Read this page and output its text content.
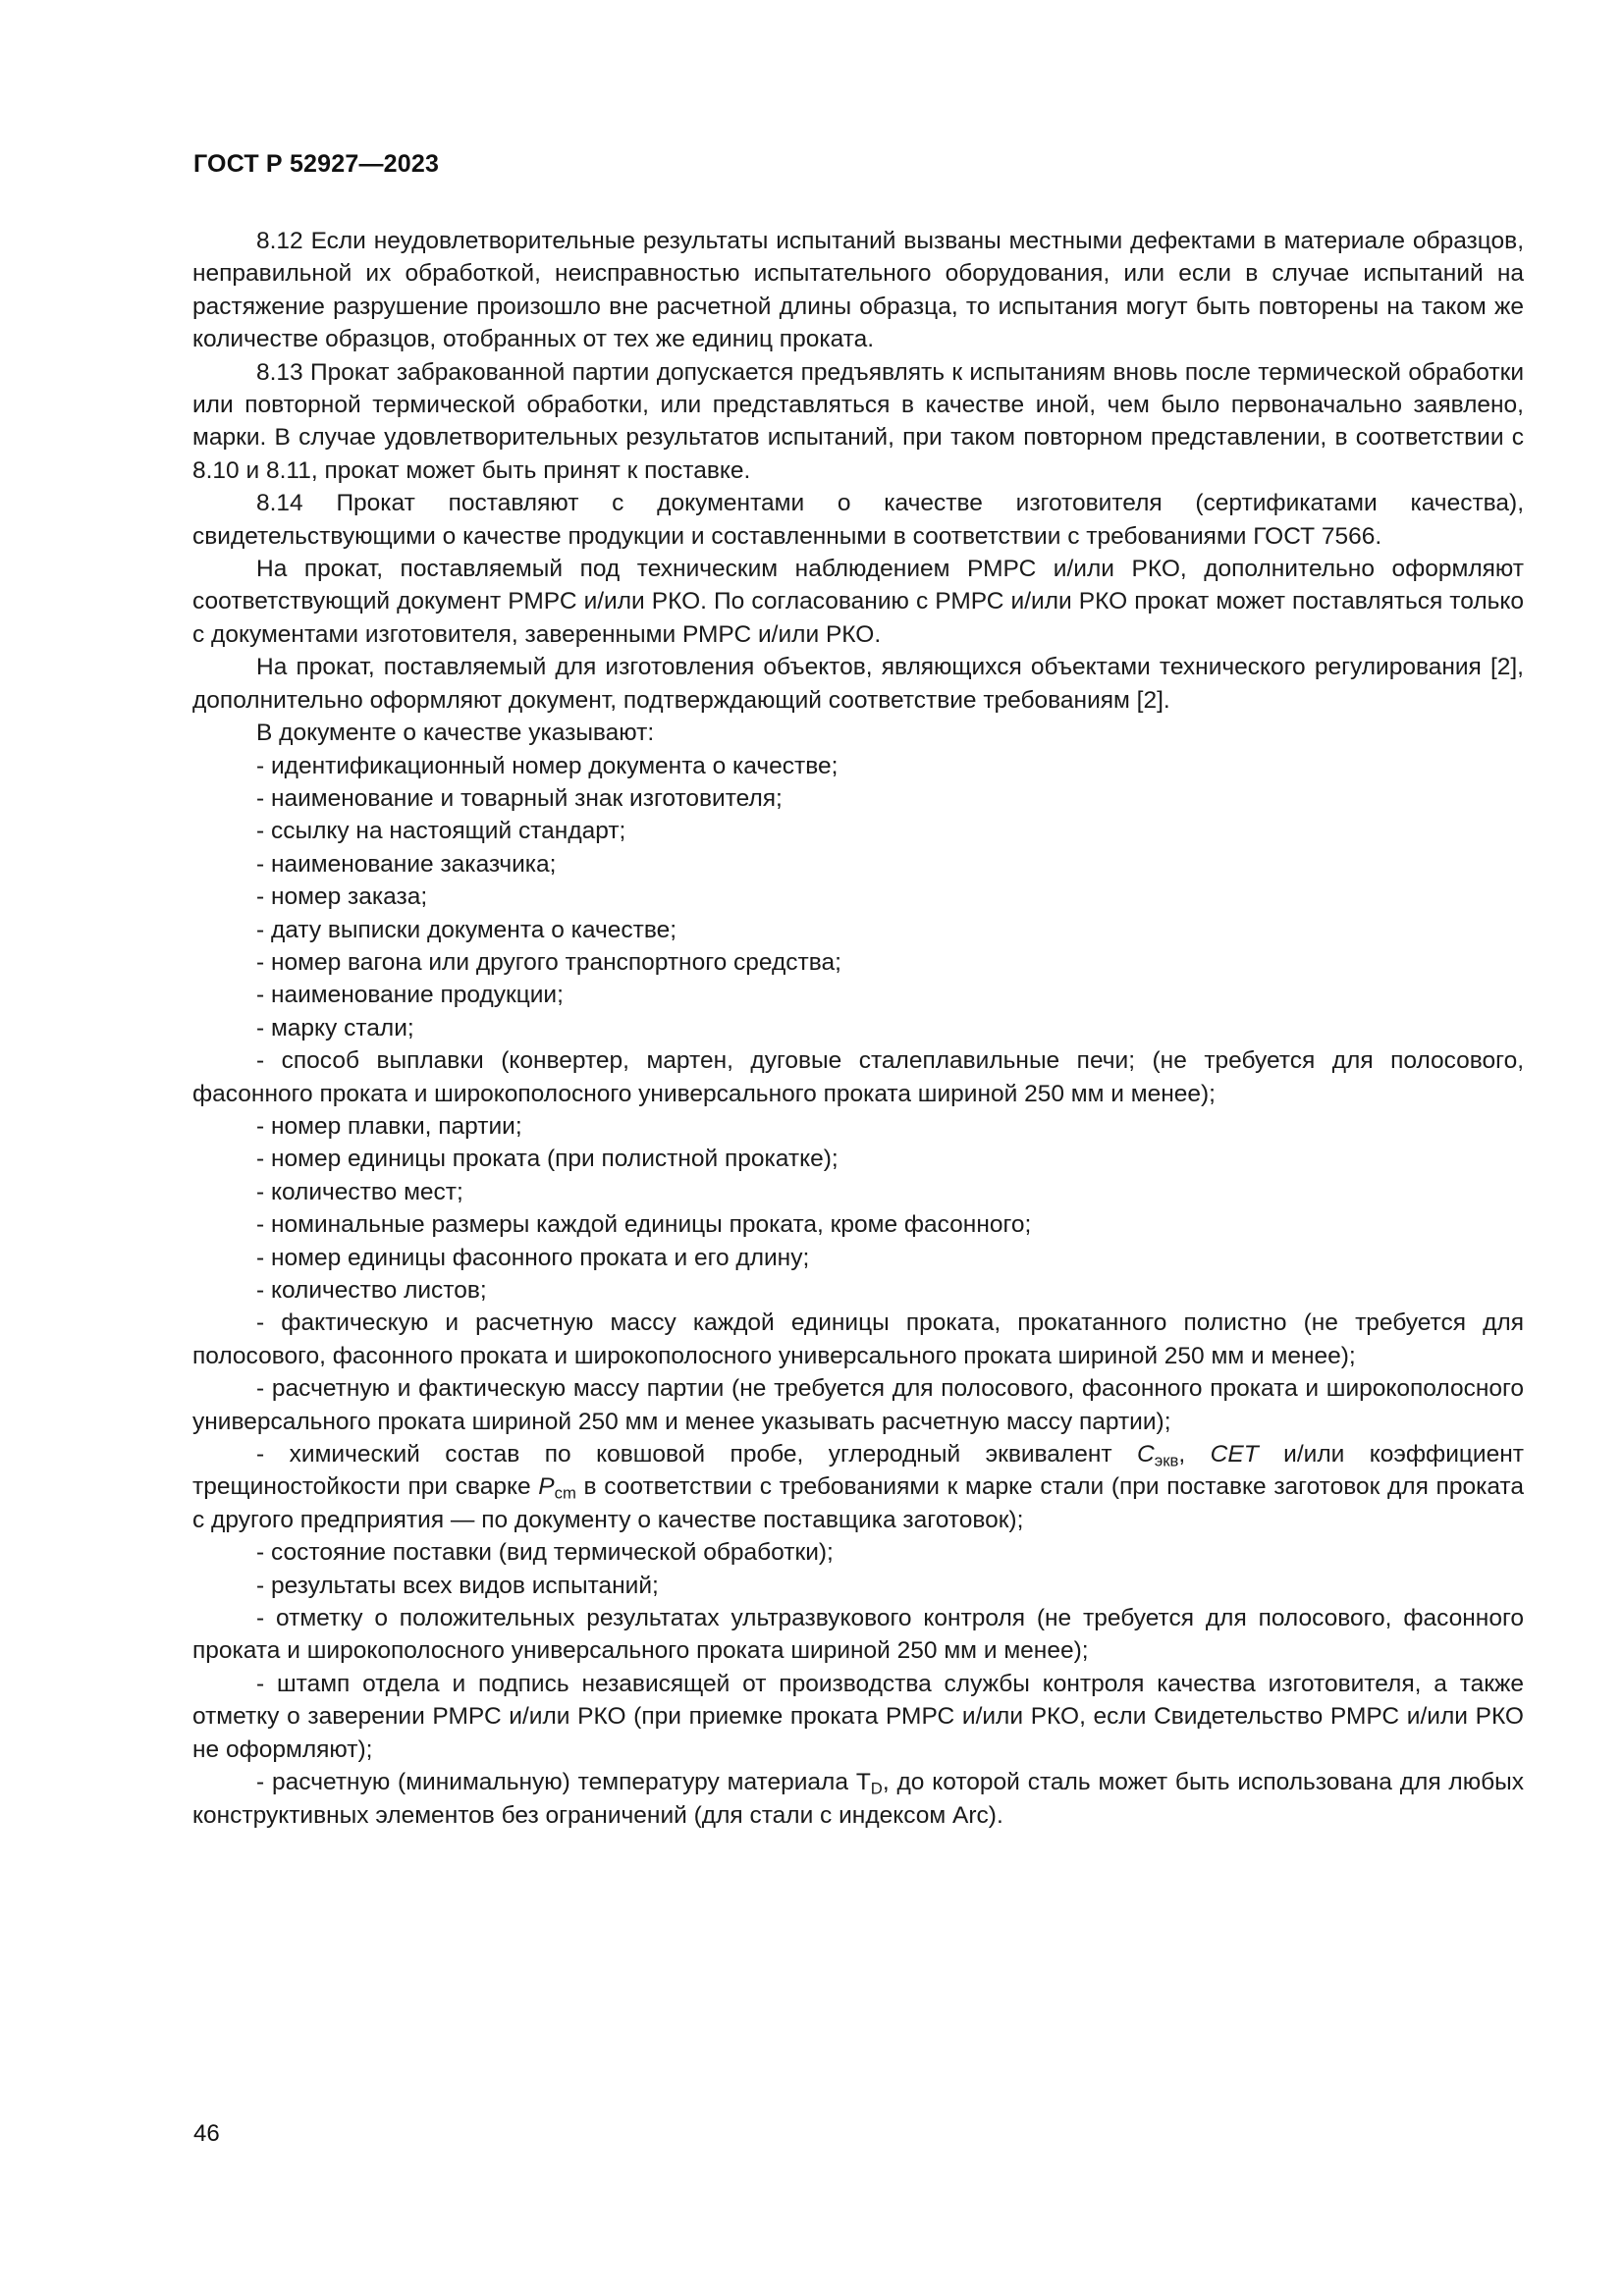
ГОСТ Р 52927—2023

8.12 Если неудовлетворительные результаты испытаний вызваны местными дефектами в материале образцов, неправильной их обработкой, неисправностью испытательного оборудования, или если в случае испытаний на растяжение разрушение произошло вне расчетной длины образца, то испытания могут быть повторены на таком же количестве образцов, отобранных от тех же единиц проката.

8.13 Прокат забракованной партии допускается предъявлять к испытаниям вновь после термической обработки или повторной термической обработки, или представляться в качестве иной, чем было первоначально заявлено, марки. В случае удовлетворительных результатов испытаний, при таком повторном представлении, в соответствии с 8.10 и 8.11, прокат может быть принят к поставке.

8.14 Прокат поставляют с документами о качестве изготовителя (сертификатами качества), свидетельствующими о качестве продукции и составленными в соответствии с требованиями ГОСТ 7566.

На прокат, поставляемый под техническим наблюдением РМРС и/или РКО, дополнительно оформляют соответствующий документ РМРС и/или РКО. По согласованию с РМРС и/или РКО прокат может поставляться только с документами изготовителя, заверенными РМРС и/или РКО.

На прокат, поставляемый для изготовления объектов, являющихся объектами технического регулирования [2], дополнительно оформляют документ, подтверждающий соответствие требованиям [2].

В документе о качестве указывают:

- идентификационный номер документа о качестве;

- наименование и товарный знак изготовителя;

- ссылку на настоящий стандарт;

- наименование заказчика;

- номер заказа;

- дату выписки документа о качестве;

- номер вагона или другого транспортного средства;

- наименование продукции;

- марку стали;

- способ выплавки (конвертер, мартен, дуговые сталеплавильные печи; (не требуется для полосового, фасонного проката и широкополосного универсального проката шириной 250 мм и менее);

- номер плавки, партии;

- номер единицы проката (при полистной прокатке);

- количество мест;

- номинальные размеры каждой единицы проката, кроме фасонного;

- номер единицы фасонного проката и его длину;

- количество листов;

- фактическую и расчетную массу каждой единицы проката, прокатанного полистно (не требуется для полосового, фасонного проката и широкополосного универсального проката шириной 250 мм и менее);

- расчетную и фактическую массу партии (не требуется для полосового, фасонного проката и широкополосного универсального проката шириной 250 мм и менее указывать расчетную массу партии);

- химический состав по ковшовой пробе, углеродный эквивалент $С_{экв}$, CET и/или коэффициент трещиностойкости при сварке $P_{cm}$ в соответствии с требованиями к марке стали (при поставке заготовок для проката с другого предприятия — по документу о качестве поставщика заготовок);

- состояние поставки (вид термической обработки);

- результаты всех видов испытаний;

- отметку о положительных результатах ультразвукового контроля (не требуется для полосового, фасонного проката и широкополосного универсального проката шириной 250 мм и менее);

- штамп отдела и подпись независящей от производства службы контроля качества изготовителя, а также отметку о заверении РМРС и/или РКО (при приемке проката РМРС и/или РКО, если Свидетельство РМРС и/или РКО не оформляют);

- расчетную (минимальную) температуру материала $T_D$, до которой сталь может быть использована для любых конструктивных элементов без ограничений (для стали с индексом Arc).

46
